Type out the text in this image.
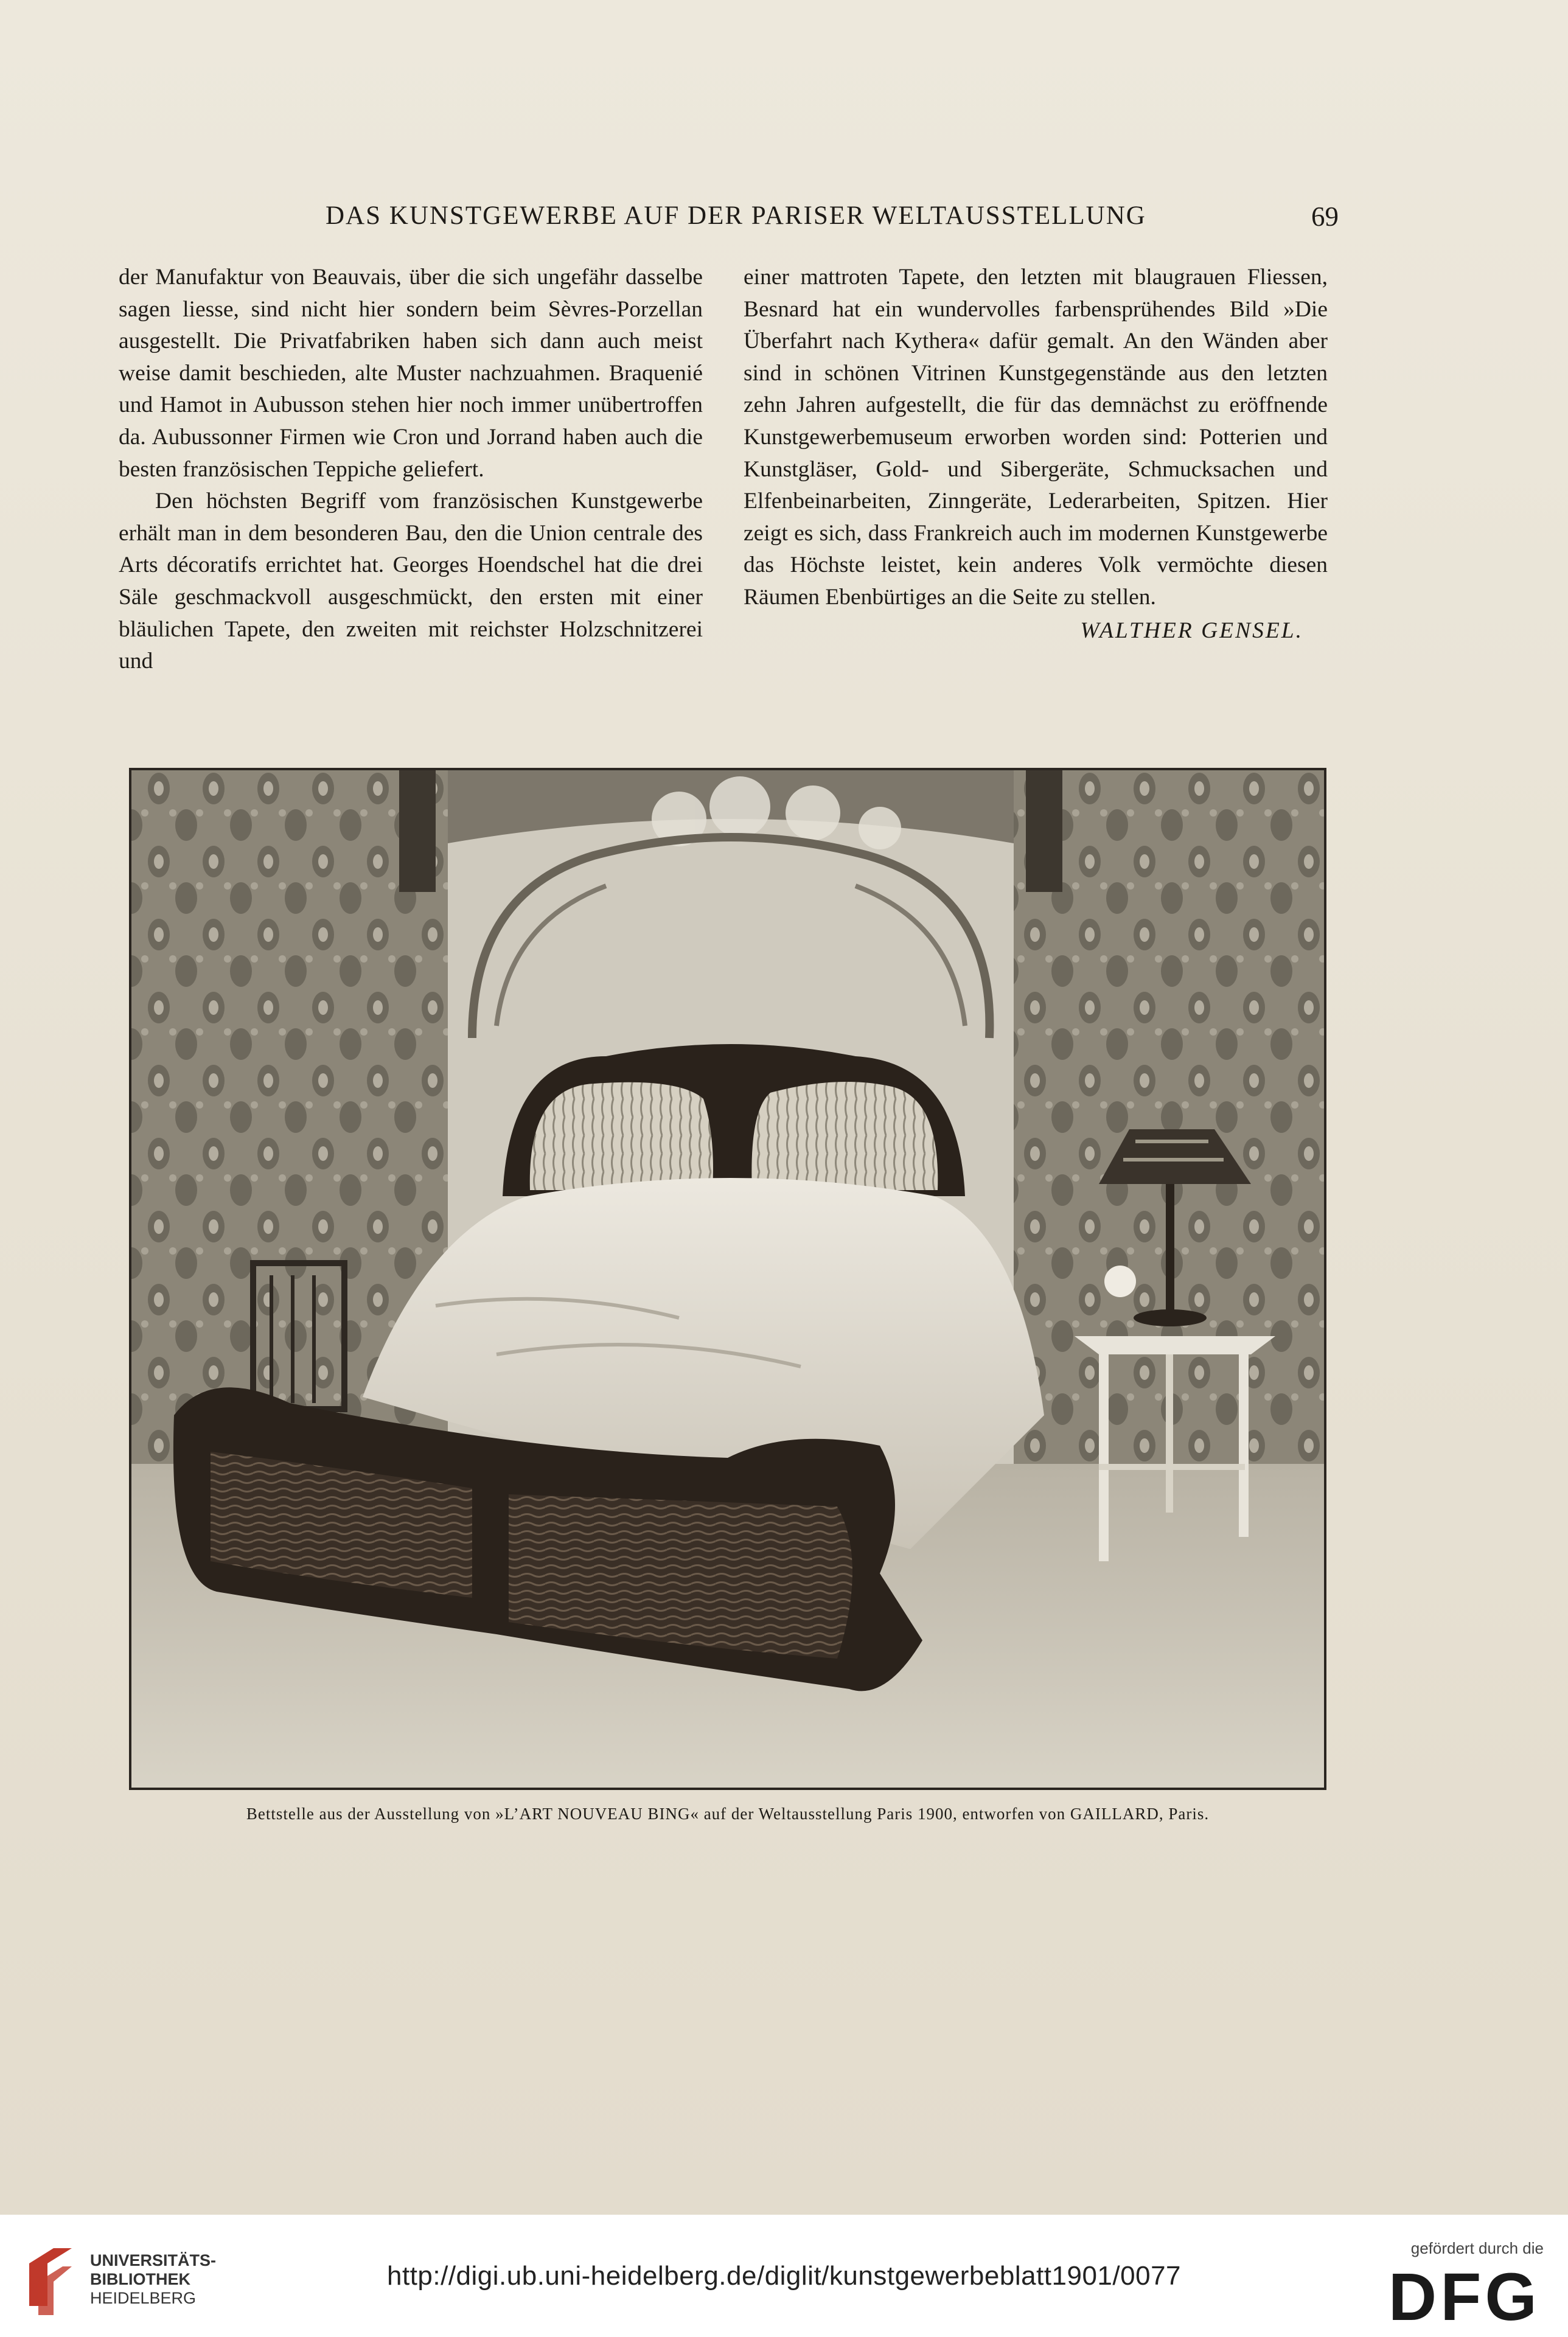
DAS KUNSTGEWERBE AUF DER PARISER WELTAUSSTELLUNG	69

der Manufaktur von Beauvais, über die sich ungefähr dasselbe sagen liesse, sind nicht hier sondern beim Sèvres-Porzellan ausgestellt. Die Privatfabriken haben sich dann auch meist weise damit beschieden, alte Muster nachzuahmen. Braquenié und Hamot in Aubusson stehen hier noch immer unübertroffen da. Aubussonner Firmen wie Cron und Jorrand haben auch die besten französischen Teppiche geliefert.

Den höchsten Begriff vom französischen Kunstgewerbe erhält man in dem besonderen Bau, den die Union centrale des Arts décoratifs errichtet hat. Georges Hoendschel hat die drei Säle geschmackvoll ausgeschmückt, den ersten mit einer bläulichen Tapete, den zweiten mit reichster Holzschnitzerei und

einer mattroten Tapete, den letzten mit blaugrauen Fliessen, Besnard hat ein wundervolles farbensprühendes Bild »Die Überfahrt nach Kythera« dafür gemalt. An den Wänden aber sind in schönen Vitrinen Kunstgegenstände aus den letzten zehn Jahren aufgestellt, die für das demnächst zu eröffnende Kunstgewerbemuseum erworben worden sind: Potterien und Kunstgläser, Gold- und Sibergeräte, Schmucksachen und Elfenbeinarbeiten, Zinngeräte, Lederarbeiten, Spitzen. Hier zeigt es sich, dass Frankreich auch im modernen Kunstgewerbe das Höchste leistet, kein anderes Volk vermöchte diesen Räumen Ebenbürtiges an die Seite zu stellen.

WALTHER GENSEL.
Bettstelle aus der Ausstellung von »L’ART NOUVEAU BING« auf der Weltausstellung Paris 1900, entworfen von GAILLARD, Paris.
UNIVERSITÄTS-
BIBLIOTHEK
HEIDELBERG
http://digi.ub.uni-heidelberg.de/diglit/kunstgewerbeblatt1901/0077
gefördert durch die
DFG
